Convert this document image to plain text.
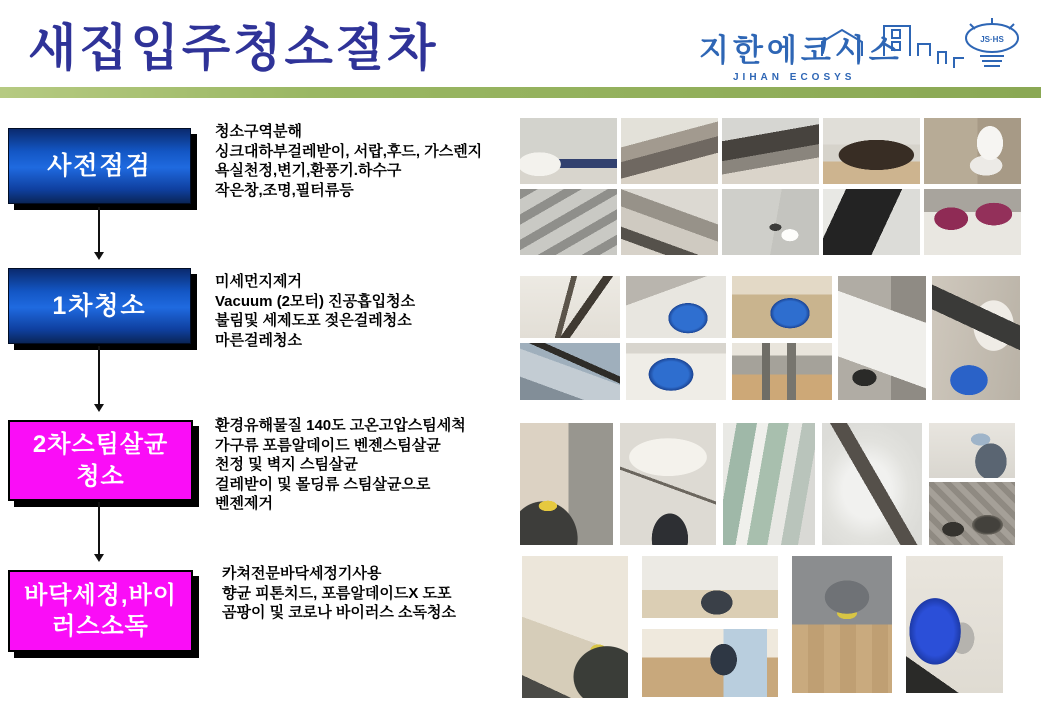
새집입주청소절차	JS·HS
지한에코시스
JIHAN ECOSYS
사전점검
1차청소
2차스팀살균
청소
바닥세정,바이
러스소독
청소구역분해
싱크대하부걸레받이, 서랍,후드, 가스렌지
욕실천정,변기,환풍기.하수구
작은창,조명,필터류등
미세먼지제거
Vacuum (2모터) 진공흡입청소
불림및 세제도포 젖은걸레청소
마른걸레청소
환경유해물질 140도 고온고압스팀세척
가구류 포름알데이드 벤젠스팀살균
천정 및 벽지 스팀살균
걸레받이 및 몰딩류 스팀살균으로
벤젠제거
카쳐전문바닥세정기사용
향균 피톤치드, 포름알데이드X 도포
곰팡이 및 코로나 바이러스 소독청소
